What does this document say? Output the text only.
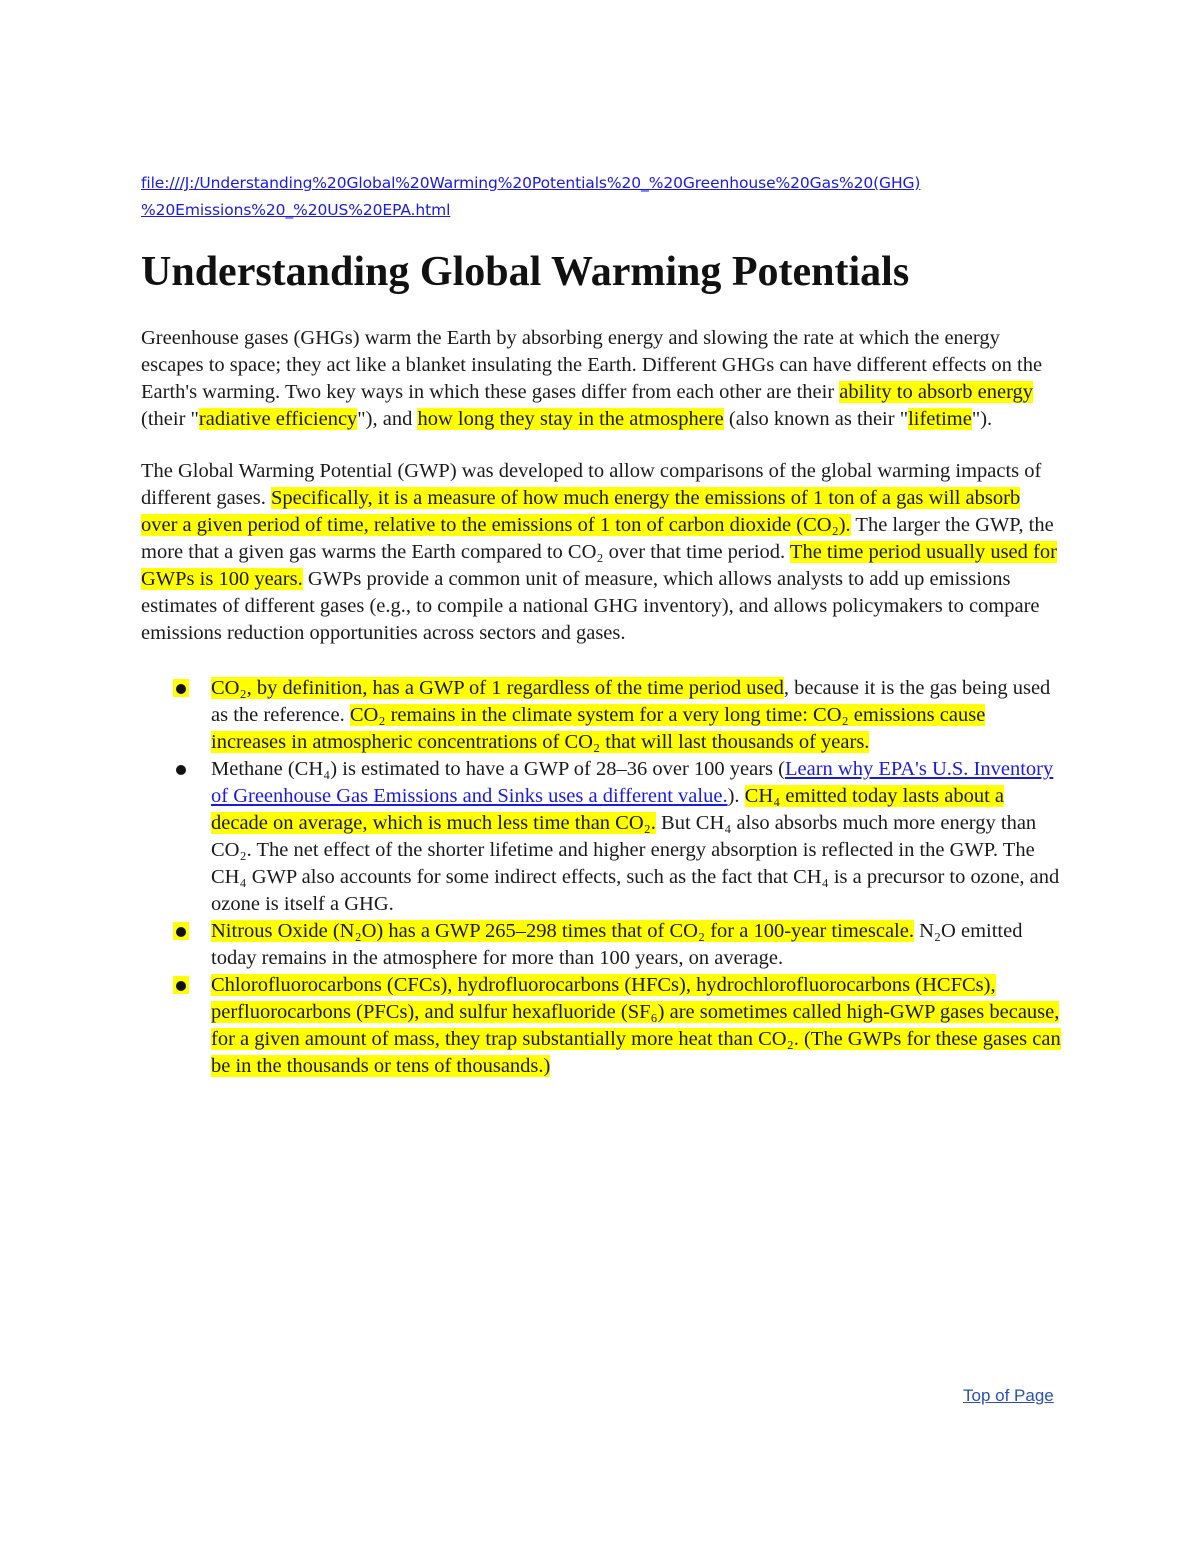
file:///J:/Understanding%20Global%20Warming%20Potentials%20_%20Greenhouse%20Gas%20(GHG)
%20Emissions%20_%20US%20EPA.html
Understanding Global Warming Potentials

Greenhouse gases (GHGs) warm the Earth by absorbing energy and slowing the rate at which the energy escapes to space; they act like a blanket insulating the Earth. Different GHGs can have different effects on the Earth's warming. Two key ways in which these gases differ from each other are their ability to absorb energy (their "radiative efficiency"), and how long they stay in the atmosphere (also known as their "lifetime").

The Global Warming Potential (GWP) was developed to allow comparisons of the global warming impacts of different gases. Specifically, it is a measure of how much energy the emissions of 1 ton of a gas will absorb over a given period of time, relative to the emissions of 1 ton of carbon dioxide (CO₂). The larger the GWP, the more that a given gas warms the Earth compared to CO₂ over that time period. The time period usually used for GWPs is 100 years. GWPs provide a common unit of measure, which allows analysts to add up emissions estimates of different gases (e.g., to compile a national GHG inventory), and allows policymakers to compare emissions reduction opportunities across sectors and gases.

CO₂, by definition, has a GWP of 1 regardless of the time period used, because it is the gas being used as the reference. CO₂ remains in the climate system for a very long time: CO₂ emissions cause increases in atmospheric concentrations of CO₂ that will last thousands of years.
Methane (CH₄) is estimated to have a GWP of 28–36 over 100 years (Learn why EPA's U.S. Inventory of Greenhouse Gas Emissions and Sinks uses a different value.). CH₄ emitted today lasts about a decade on average, which is much less time than CO₂. But CH₄ also absorbs much more energy than CO₂. The net effect of the shorter lifetime and higher energy absorption is reflected in the GWP. The CH₄ GWP also accounts for some indirect effects, such as the fact that CH₄ is a precursor to ozone, and ozone is itself a GHG.
Nitrous Oxide (N₂O) has a GWP 265–298 times that of CO₂ for a 100-year timescale. N₂O emitted today remains in the atmosphere for more than 100 years, on average.
Chlorofluorocarbons (CFCs), hydrofluorocarbons (HFCs), hydrochlorofluorocarbons (HCFCs), perfluorocarbons (PFCs), and sulfur hexafluoride (SF₆) are sometimes called high-GWP gases because, for a given amount of mass, they trap substantially more heat than CO₂. (The GWPs for these gases can be in the thousands or tens of thousands.)
Top of Page
